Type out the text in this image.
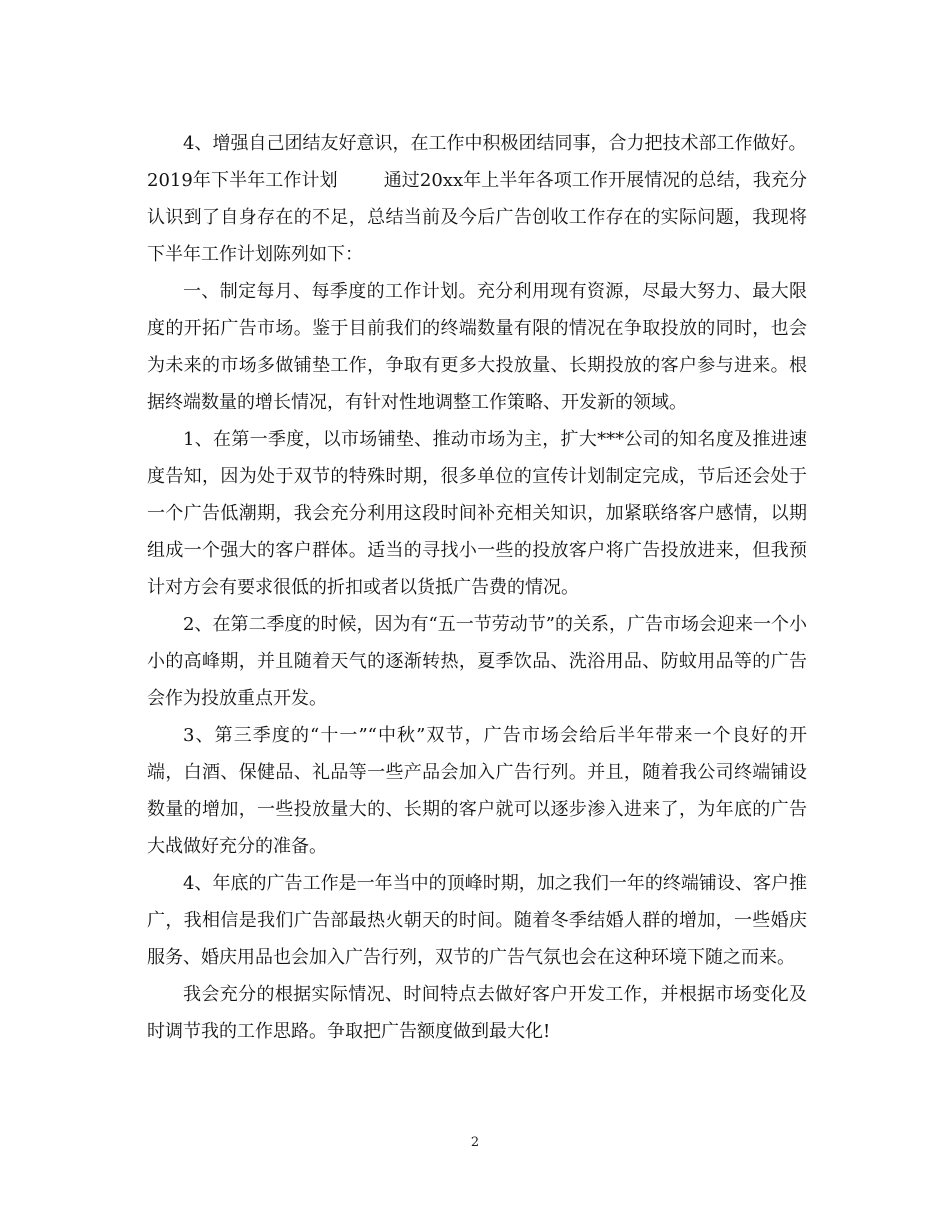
4、增强自己团结友好意识，在工作中积极团结同事，合力把技术部工作做好。

2019年下半年工作计划	通过20xx年上半年各项工作开展情况的总结，我充分认识到了自身存在的不足，总结当前及今后广告创收工作存在的实际问题，我现将下半年工作计划陈列如下：

一、制定每月、每季度的工作计划。充分利用现有资源，尽最大努力、最大限度的开拓广告市场。鉴于目前我们的终端数量有限的情况在争取投放的同时，也会为未来的市场多做铺垫工作，争取有更多大投放量、长期投放的客户参与进来。根据终端数量的增长情况，有针对性地调整工作策略、开发新的领域。

1、在第一季度，以市场铺垫、推动市场为主，扩大***公司的知名度及推进速度告知，因为处于双节的特殊时期，很多单位的宣传计划制定完成，节后还会处于一个广告低潮期，我会充分利用这段时间补充相关知识，加紧联络客户感情，以期组成一个强大的客户群体。适当的寻找小一些的投放客户将广告投放进来，但我预计对方会有要求很低的折扣或者以货抵广告费的情况。

2、在第二季度的时候，因为有“五一节劳动节”的关系，广告市场会迎来一个小小的高峰期，并且随着天气的逐渐转热，夏季饮品、洗浴用品、防蚊用品等的广告会作为投放重点开发。

3、第三季度的“十一”“中秋”双节，广告市场会给后半年带来一个良好的开端，白酒、保健品、礼品等一些产品会加入广告行列。并且，随着我公司终端铺设数量的增加，一些投放量大的、长期的客户就可以逐步渗入进来了，为年底的广告大战做好充分的准备。

4、年底的广告工作是一年当中的顶峰时期，加之我们一年的终端铺设、客户推广，我相信是我们广告部最热火朝天的时间。随着冬季结婚人群的增加，一些婚庆服务、婚庆用品也会加入广告行列，双节的广告气氛也会在这种环境下随之而来。

我会充分的根据实际情况、时间特点去做好客户开发工作，并根据市场变化及时调节我的工作思路。争取把广告额度做到最大化!

2
